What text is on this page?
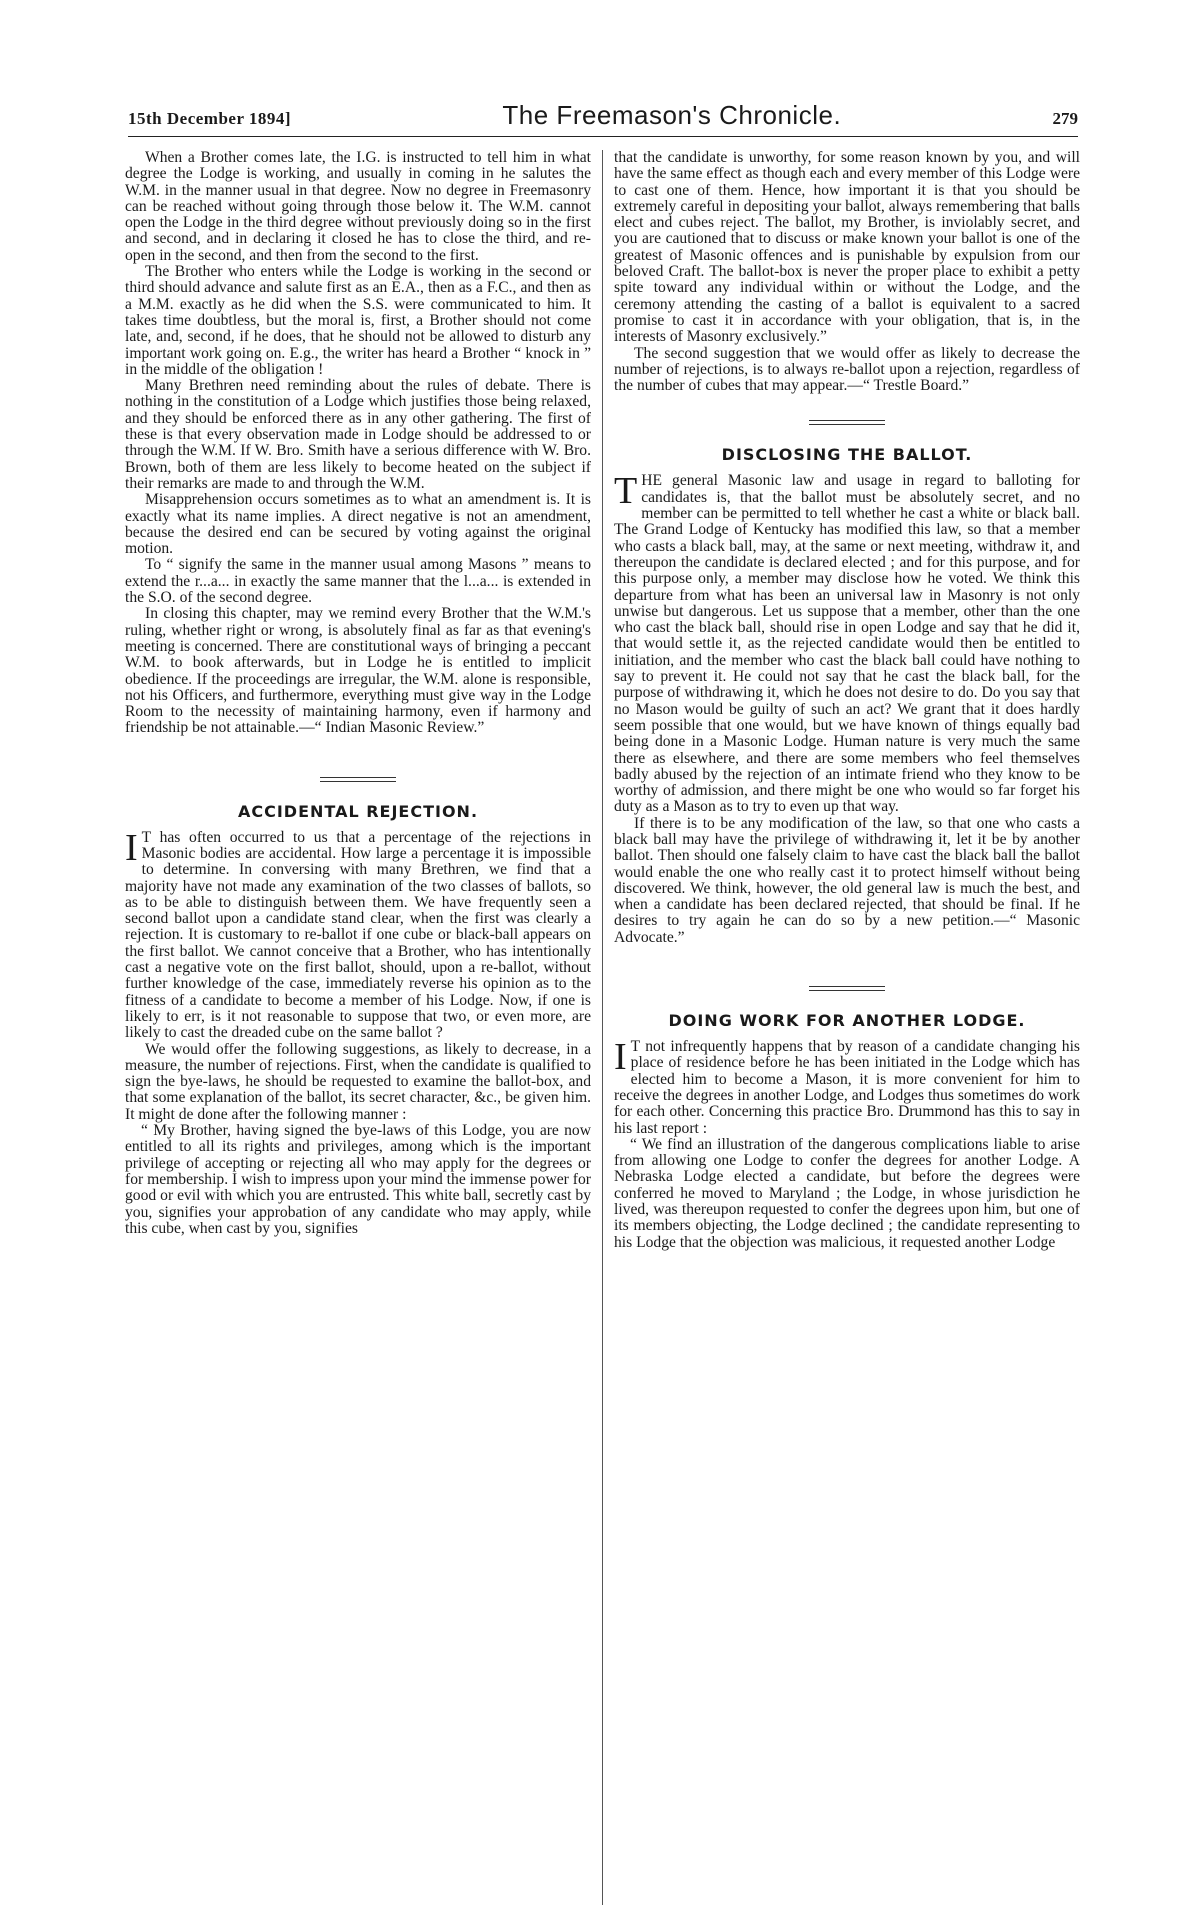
15th December 1894]	The Freemason's Chronicle.	279

When a Brother comes late, the I.G. is instructed to tell him in what degree the Lodge is working, and usually in coming in he salutes the W.M. in the manner usual in that degree. Now no degree in Freemasonry can be reached without going through those below it. The W.M. cannot open the Lodge in the third degree without previously doing so in the first and second, and in declaring it closed he has to close the third, and re-open in the second, and then from the second to the first.

The Brother who enters while the Lodge is working in the second or third should advance and salute first as an E.A., then as a F.C., and then as a M.M. exactly as he did when the S.S. were communicated to him. It takes time doubtless, but the moral is, first, a Brother should not come late, and, second, if he does, that he should not be allowed to disturb any important work going on. E.g., the writer has heard a Brother “ knock in ” in the middle of the obligation !

Many Brethren need reminding about the rules of debate. There is nothing in the constitution of a Lodge which justifies those being relaxed, and they should be enforced there as in any other gathering. The first of these is that every observation made in Lodge should be addressed to or through the W.M. If W. Bro. Smith have a serious difference with W. Bro. Brown, both of them are less likely to become heated on the subject if their remarks are made to and through the W.M.

Misapprehension occurs sometimes as to what an amendment is. It is exactly what its name implies. A direct negative is not an amendment, because the desired end can be secured by voting against the original motion.

To “ signify the same in the manner usual among Masons ” means to extend the r...a... in exactly the same manner that the l...a... is extended in the S.O. of the second degree.

In closing this chapter, may we remind every Brother that the W.M.'s ruling, whether right or wrong, is absolutely final as far as that evening's meeting is concerned. There are constitutional ways of bringing a peccant W.M. to book afterwards, but in Lodge he is entitled to implicit obedience. If the proceedings are irregular, the W.M. alone is responsible, not his Officers, and furthermore, everything must give way in the Lodge Room to the necessity of maintaining harmony, even if harmony and friendship be not attainable.—“ Indian Masonic Review.”

ACCIDENTAL REJECTION.

I T has often occurred to us that a percentage of the rejections in Masonic bodies are accidental. How large a percentage it is impossible to determine. In conversing with many Brethren, we find that a majority have not made any examination of the two classes of ballots, so as to be able to distinguish between them. We have frequently seen a second ballot upon a candidate stand clear, when the first was clearly a rejection. It is customary to re-ballot if one cube or black-ball appears on the first ballot. We cannot conceive that a Brother, who has intentionally cast a negative vote on the first ballot, should, upon a re-ballot, without further knowledge of the case, immediately reverse his opinion as to the fitness of a candidate to become a member of his Lodge. Now, if one is likely to err, is it not reasonable to suppose that two, or even more, are likely to cast the dreaded cube on the same ballot ?

We would offer the following suggestions, as likely to decrease, in a measure, the number of rejections. First, when the candidate is qualified to sign the bye-laws, he should be requested to examine the ballot-box, and that some explanation of the ballot, its secret character, &c., be given him. It might de done after the following manner :

“ My Brother, having signed the bye-laws of this Lodge, you are now entitled to all its rights and privileges, among which is the important privilege of accepting or rejecting all who may apply for the degrees or for membership. I wish to impress upon your mind the immense power for good or evil with which you are entrusted. This white ball, secretly cast by you, signifies your approbation of any candidate who may apply, while this cube, when cast by you, signifies

that the candidate is unworthy, for some reason known by you, and will have the same effect as though each and every member of this Lodge were to cast one of them. Hence, how important it is that you should be extremely careful in depositing your ballot, always remembering that balls elect and cubes reject. The ballot, my Brother, is inviolably secret, and you are cautioned that to discuss or make known your ballot is one of the greatest of Masonic offences and is punishable by expulsion from our beloved Craft. The ballot-box is never the proper place to exhibit a petty spite toward any individual within or without the Lodge, and the ceremony attending the casting of a ballot is equivalent to a sacred promise to cast it in accordance with your obligation, that is, in the interests of Masonry exclusively.”

The second suggestion that we would offer as likely to decrease the number of rejections, is to always re-ballot upon a rejection, regardless of the number of cubes that may appear.—“ Trestle Board.”

DISCLOSING THE BALLOT.

THE general Masonic law and usage in regard to balloting for candidates is, that the ballot must be absolutely secret, and no member can be permitted to tell whether he cast a white or black ball. The Grand Lodge of Kentucky has modified this law, so that a member who casts a black ball, may, at the same or next meeting, withdraw it, and thereupon the candidate is declared elected ; and for this purpose, and for this purpose only, a member may disclose how he voted. We think this departure from what has been an universal law in Masonry is not only unwise but dangerous. Let us suppose that a member, other than the one who cast the black ball, should rise in open Lodge and say that he did it, that would settle it, as the rejected candidate would then be entitled to initiation, and the member who cast the black ball could have nothing to say to prevent it. He could not say that he cast the black ball, for the purpose of withdrawing it, which he does not desire to do. Do you say that no Mason would be guilty of such an act? We grant that it does hardly seem possible that one would, but we have known of things equally bad being done in a Masonic Lodge. Human nature is very much the same there as elsewhere, and there are some members who feel themselves badly abused by the rejection of an intimate friend who they know to be worthy of admission, and there might be one who would so far forget his duty as a Mason as to try to even up that way.

If there is to be any modification of the law, so that one who casts a black ball may have the privilege of withdrawing it, let it be by another ballot. Then should one falsely claim to have cast the black ball the ballot would enable the one who really cast it to protect himself without being discovered. We think, however, the old general law is much the best, and when a candidate has been declared rejected, that should be final. If he desires to try again he can do so by a new petition.—“ Masonic Advocate.”

DOING WORK FOR ANOTHER LODGE.

I T not infrequently happens that by reason of a candidate changing his place of residence before he has been initiated in the Lodge which has elected him to become a Mason, it is more convenient for him to receive the degrees in another Lodge, and Lodges thus sometimes do work for each other. Concerning this practice Bro. Drummond has this to say in his last report :

“ We find an illustration of the dangerous complications liable to arise from allowing one Lodge to confer the degrees for another Lodge. A Nebraska Lodge elected a candidate, but before the degrees were conferred he moved to Maryland ; the Lodge, in whose jurisdiction he lived, was thereupon requested to confer the degrees upon him, but one of its members objecting, the Lodge declined ; the candidate representing to his Lodge that the objection was malicious, it requested another Lodge
